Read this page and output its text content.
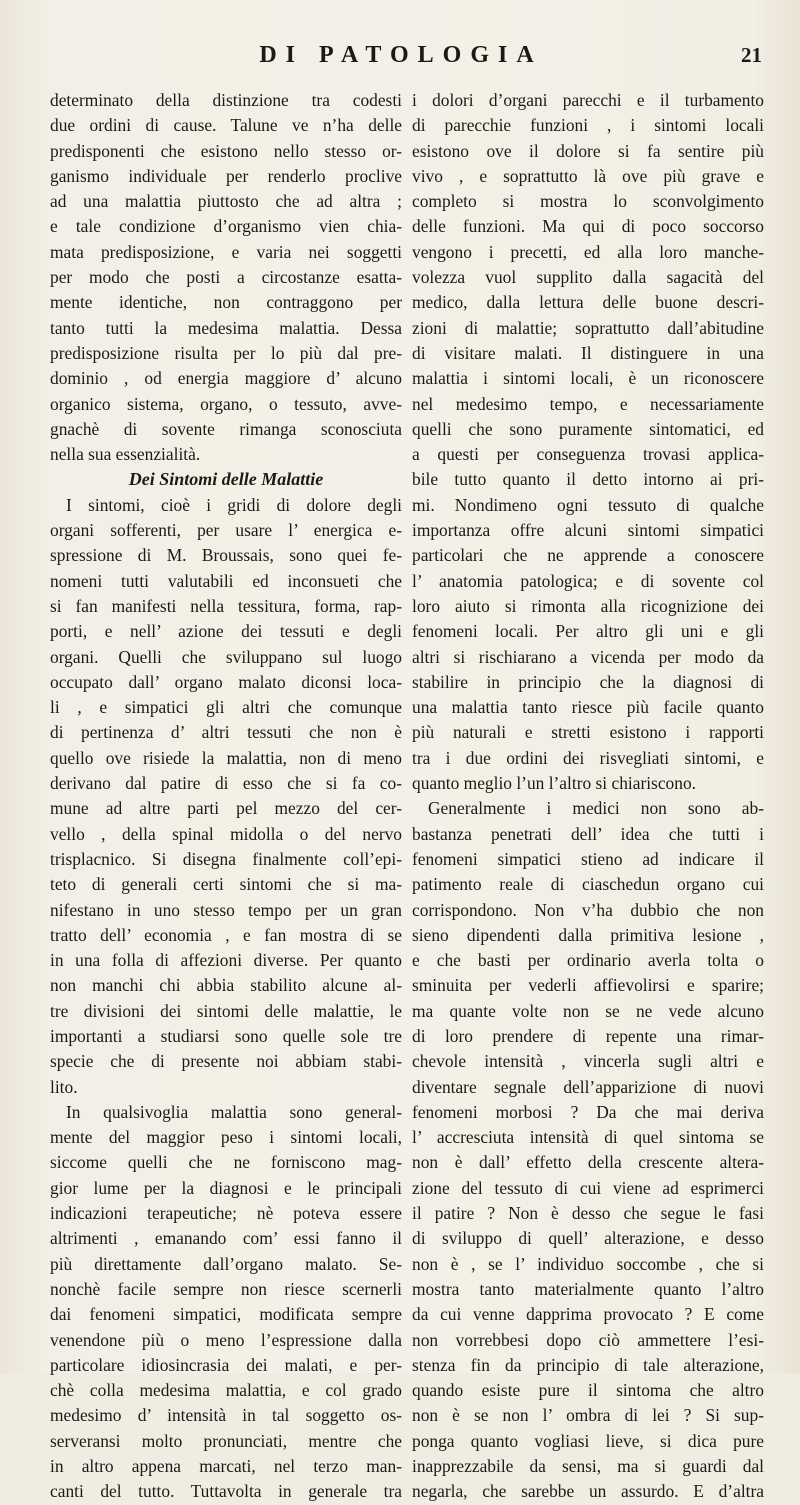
DI PATOLOGIA	21
determinato della distinzione tra codesti
due ordini di cause. Talune ve n’ha delle
predisponenti che esistono nello stesso or-
ganismo individuale per renderlo proclive
ad una malattia piuttosto che ad altra ;
e tale condizione d’organismo vien chia-
mata predisposizione, e varia nei soggetti
per modo che posti a circostanze esatta-
mente identiche, non contraggono per
tanto tutti la medesima malattia. Dessa
predisposizione risulta per lo più dal pre-
dominio , od energia maggiore d’ alcuno
organico sistema, organo, o tessuto, avve-
gnachè di sovente rimanga sconosciuta
nella sua essenzialità.
Dei Sintomi delle Malattie
I sintomi, cioè i gridi di dolore degli
organi sofferenti, per usare l’ energica e-
spressione di M. Broussais, sono quei fe-
nomeni tutti valutabili ed inconsueti che
si fan manifesti nella tessitura, forma, rap-
porti, e nell’ azione dei tessuti e degli
organi. Quelli che sviluppano sul luogo
occupato dall’ organo malato diconsi loca-
li , e simpatici gli altri che comunque
di pertinenza d’ altri tessuti che non è
quello ove risiede la malattia, non di meno
derivano dal patire di esso che si fa co-
mune ad altre parti pel mezzo del cer-
vello , della spinal midolla o del nervo
trisplacnico. Si disegna finalmente coll’epi-
teto di generali certi sintomi che si ma-
nifestano in uno stesso tempo per un gran
tratto dell’ economia , e fan mostra di se
in una folla di affezioni diverse. Per quanto
non manchi chi abbia stabilito alcune al-
tre divisioni dei sintomi delle malattie, le
importanti a studiarsi sono quelle sole tre
specie che di presente noi abbiam stabi-
lito.
In qualsivoglia malattia sono general-
mente del maggior peso i sintomi locali,
siccome quelli che ne forniscono mag-
gior lume per la diagnosi e le principali
indicazioni terapeutiche; nè poteva essere
altrimenti , emanando com’ essi fanno il
più direttamente dall’organo malato. Se-
nonchè facile sempre non riesce scernerli
dai fenomeni simpatici, modificata sempre
venendone più o meno l’espressione dalla
particolare idiosincrasia dei malati, e per-
chè colla medesima malattia, e col grado
medesimo d’ intensità in tal soggetto os-
serveransi molto pronunciati, mentre che
in altro appena marcati, nel terzo man-
canti del tutto. Tuttavolta in generale tra
i dolori d’organi parecchi e il turbamento
di parecchie funzioni , i sintomi locali
esistono ove il dolore si fa sentire più
vivo , e soprattutto là ove più grave e
completo si mostra lo sconvolgimento
delle funzioni. Ma qui di poco soccorso
vengono i precetti, ed alla loro manche-
volezza vuol supplito dalla sagacità del
medico, dalla lettura delle buone descri-
zioni di malattie; soprattutto dall’abitudine
di visitare malati. Il distinguere in una
malattia i sintomi locali, è un riconoscere
nel medesimo tempo, e necessariamente
quelli che sono puramente sintomatici, ed
a questi per conseguenza trovasi applica-
bile tutto quanto il detto intorno ai pri-
mi. Nondimeno ogni tessuto di qualche
importanza offre alcuni sintomi simpatici
particolari che ne apprende a conoscere
l’ anatomia patologica; e di sovente col
loro aiuto si rimonta alla ricognizione dei
fenomeni locali. Per altro gli uni e gli
altri si rischiarano a vicenda per modo da
stabilire in principio che la diagnosi di
una malattia tanto riesce più facile quanto
più naturali e stretti esistono i rapporti
tra i due ordini dei risvegliati sintomi, e
quanto meglio l’un l’altro si chiariscono.
Generalmente i medici non sono ab-
bastanza penetrati dell’ idea che tutti i
fenomeni simpatici stieno ad indicare il
patimento reale di ciaschedun organo cui
corrispondono. Non v’ha dubbio che non
sieno dipendenti dalla primitiva lesione ,
e che basti per ordinario averla tolta o
sminuita per vederli affievolirsi e sparire;
ma quante volte non se ne vede alcuno
di loro prendere di repente una rimar-
chevole intensità , vincerla sugli altri e
diventare segnale dell’apparizione di nuovi
fenomeni morbosi ? Da che mai deriva
l’ accresciuta intensità di quel sintoma se
non è dall’ effetto della crescente altera-
zione del tessuto di cui viene ad esprimerci
il patire ? Non è desso che segue le fasi
di sviluppo di quell’ alterazione, e desso
non è , se l’ individuo soccombe , che si
mostra tanto materialmente quanto l’altro
da cui venne dapprima provocato ? E come
non vorrebbesi dopo ciò ammettere l’esi-
stenza fin da principio di tale alterazione,
quando esiste pure il sintoma che altro
non è se non l’ ombra di lei ? Si sup-
ponga quanto vogliasi lieve, si dica pure
inapprezzabile da sensi, ma si guardi dal
negarla, che sarebbe un assurdo. E d’altra
